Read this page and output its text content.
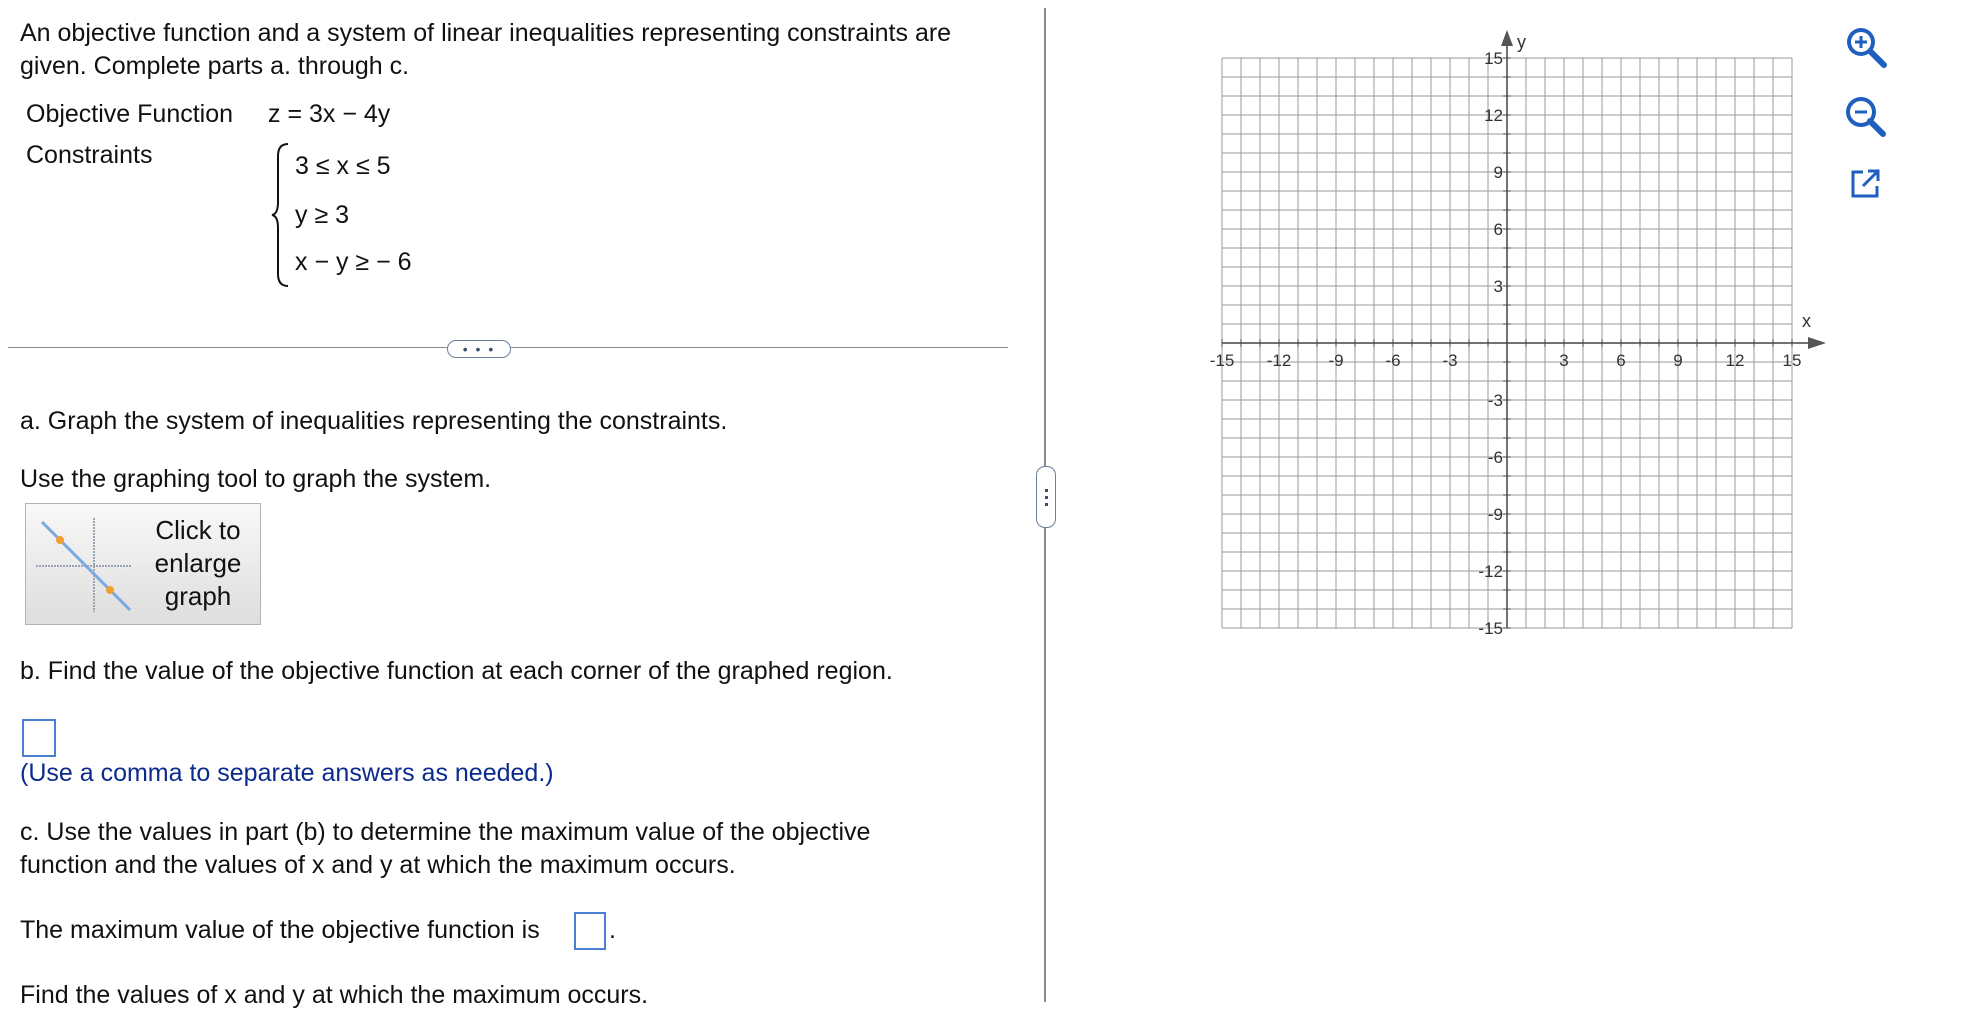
An objective function and a system of linear inequalities representing constraints are given. Complete parts a. through c.
Objective Function z = 3x − 4y
Constraints	3 ≤ x ≤ 5
y ≥ 3
x − y ≥ − 6
• • •
a. Graph the system of inequalities representing the constraints.
Use the graphing tool to graph the system.
Click to enlarge graph
b. Find the value of the objective function at each corner of the graphed region.
(Use a comma to separate answers as needed.)
c. Use the values in part (b) to determine the maximum value of the objective
function and the values of x and y at which the maximum occurs.
The maximum value of the objective function is	.
Find the values of x and y at which the maximum occurs.
x
y
-15 -12 -9 -6 -3	3	6	9	12 15
15
12
9
6
3
-3
-6
-9
-12
-15
